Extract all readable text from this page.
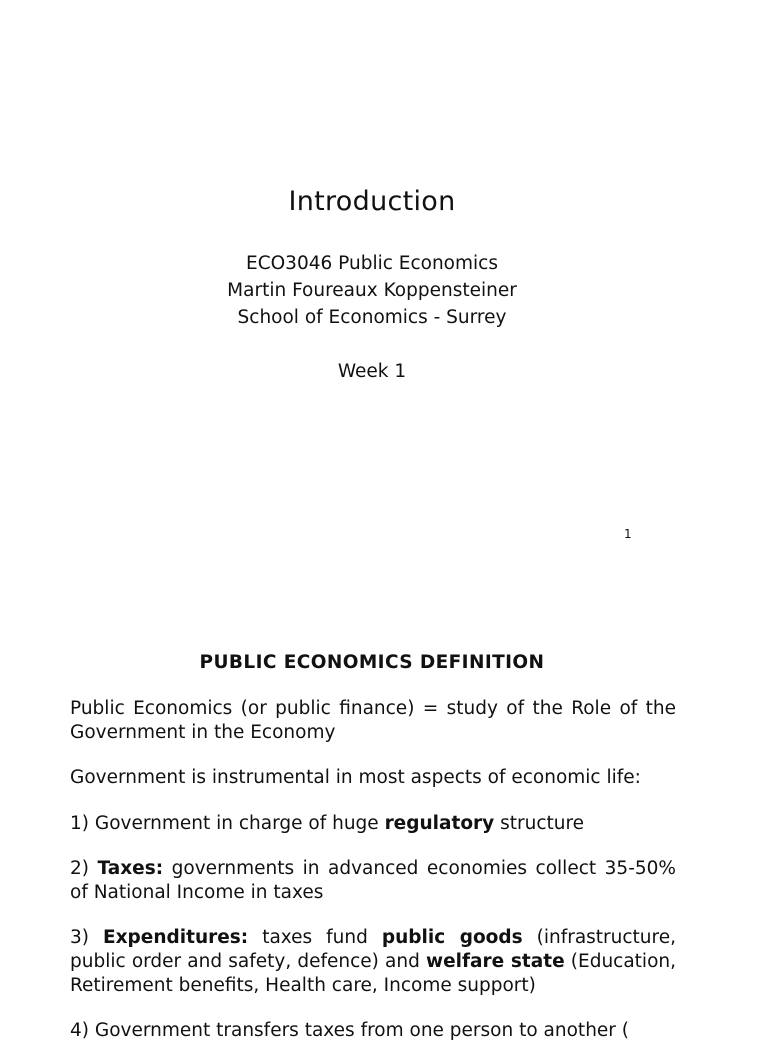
Introduction
ECO3046 Public Economics
Martin Foureaux Koppensteiner
School of Economics - Surrey
Week 1
1
PUBLIC ECONOMICS DEFINITION
Public Economics (or public finance) = study of the Role of the Government in the Economy
Government is instrumental in most aspects of economic life:
1) Government in charge of huge regulatory structure
2) Taxes: governments in advanced economies collect 35-50% of National Income in taxes
3) Expenditures: taxes fund public goods (infrastructure, public order and safety, defence) and welfare state (Education, Retirement benefits, Health care, Income support)
4) Government transfers taxes from one person to another (
